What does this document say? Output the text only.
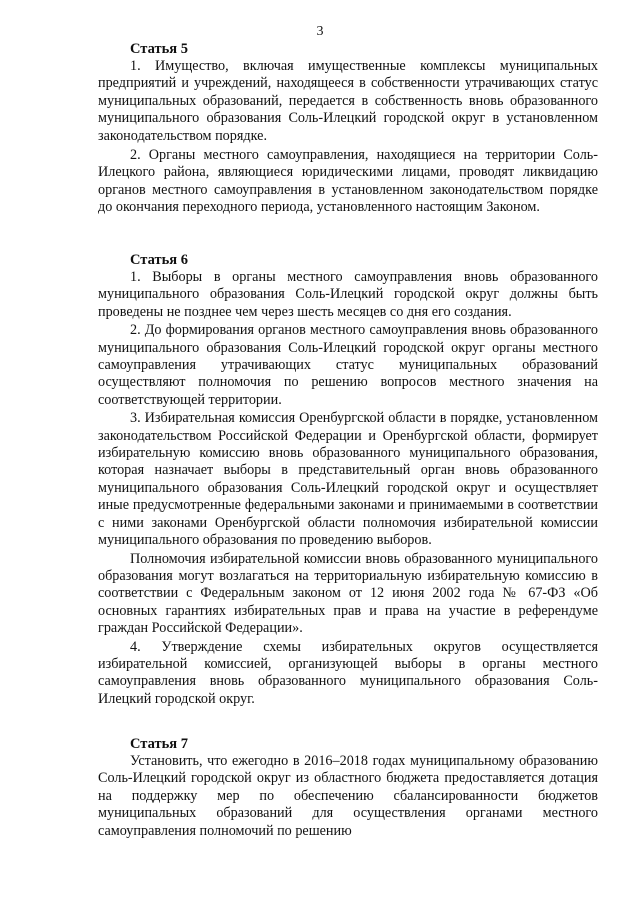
3
Статья 5

1. Имущество, включая имущественные комплексы муниципальных предприятий и учреждений, находящееся в собственности утрачивающих статус муниципальных образований, передается в собственность вновь образованного муниципального образования Соль-Илецкий городской округ в установленном законодательством порядке.

2. Органы местного самоуправления, находящиеся на территории Соль-Илецкого района, являющиеся юридическими лицами, проводят ликвидацию органов местного самоуправления в установленном законодательством порядке до окончания переходного периода, установленного настоящим Законом.

Статья 6

1. Выборы в органы местного самоуправления вновь образованного муниципального образования Соль-Илецкий городской округ должны быть проведены не позднее чем через шесть месяцев со дня его создания.

2. До формирования органов местного самоуправления вновь образованного муниципального образования Соль-Илецкий городской округ органы местного самоуправления утрачивающих статус муниципальных образований осуществляют полномочия по решению вопросов местного значения на соответствующей территории.

3. Избирательная комиссия Оренбургской области в порядке, установленном законодательством Российской Федерации и Оренбургской области, формирует избирательную комиссию вновь образованного муниципального образования, которая назначает выборы в представительный орган вновь образованного муниципального образования Соль-Илецкий городской округ и осуществляет иные предусмотренные федеральными законами и принимаемыми в соответствии с ними законами Оренбургской области полномочия избирательной комиссии муниципального образования по проведению выборов.

Полномочия избирательной комиссии вновь образованного муниципального образования могут возлагаться на территориальную избирательную комиссию в соответствии с Федеральным законом от 12 июня 2002 года № 67-ФЗ «Об основных гарантиях избирательных прав и права на участие в референдуме граждан Российской Федерации».

4. Утверждение схемы избирательных округов осуществляется избирательной комиссией, организующей выборы в органы местного самоуправления вновь образованного муниципального образования Соль-Илецкий городской округ.

Статья 7

Установить, что ежегодно в 2016–2018 годах муниципальному образованию Соль-Илецкий городской округ из областного бюджета предоставляется дотация на поддержку мер по обеспечению сбалансированности бюджетов муниципальных образований для осуществления органами местного самоуправления полномочий по решению
